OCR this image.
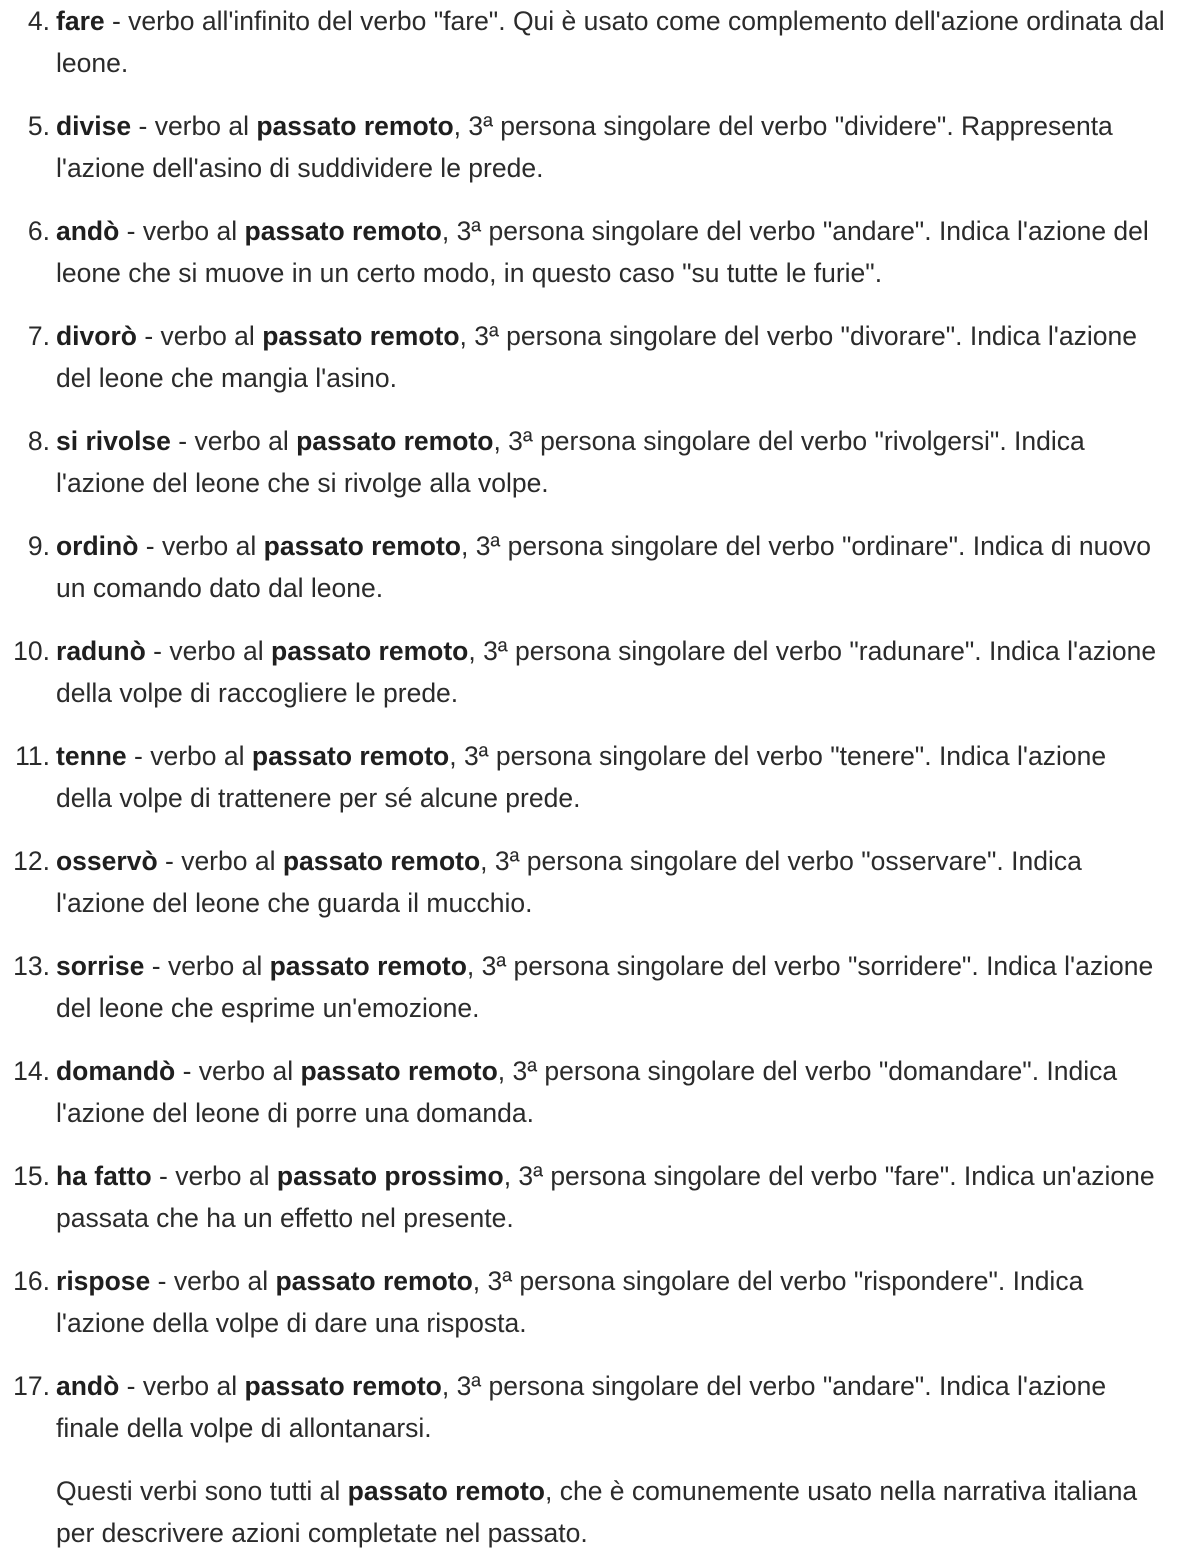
4. fare - verbo all'infinito del verbo "fare". Qui è usato come complemento dell'azione ordinata dal leone.
5. divise - verbo al passato remoto, 3ª persona singolare del verbo "dividere". Rappresenta l'azione dell'asino di suddividere le prede.
6. andò - verbo al passato remoto, 3ª persona singolare del verbo "andare". Indica l'azione del leone che si muove in un certo modo, in questo caso "su tutte le furie".
7. divorò - verbo al passato remoto, 3ª persona singolare del verbo "divorare". Indica l'azione del leone che mangia l'asino.
8. si rivolse - verbo al passato remoto, 3ª persona singolare del verbo "rivolgersi". Indica l'azione del leone che si rivolge alla volpe.
9. ordinò - verbo al passato remoto, 3ª persona singolare del verbo "ordinare". Indica di nuovo un comando dato dal leone.
10. radunò - verbo al passato remoto, 3ª persona singolare del verbo "radunare". Indica l'azione della volpe di raccogliere le prede.
11. tenne - verbo al passato remoto, 3ª persona singolare del verbo "tenere". Indica l'azione della volpe di trattenere per sé alcune prede.
12. osservò - verbo al passato remoto, 3ª persona singolare del verbo "osservare". Indica l'azione del leone che guarda il mucchio.
13. sorrise - verbo al passato remoto, 3ª persona singolare del verbo "sorridere". Indica l'azione del leone che esprime un'emozione.
14. domandò - verbo al passato remoto, 3ª persona singolare del verbo "domandare". Indica l'azione del leone di porre una domanda.
15. ha fatto - verbo al passato prossimo, 3ª persona singolare del verbo "fare". Indica un'azione passata che ha un effetto nel presente.
16. rispose - verbo al passato remoto, 3ª persona singolare del verbo "rispondere". Indica l'azione della volpe di dare una risposta.
17. andò - verbo al passato remoto, 3ª persona singolare del verbo "andare". Indica l'azione finale della volpe di allontanarsi.

Questi verbi sono tutti al passato remoto, che è comunemente usato nella narrativa italiana per descrivere azioni completate nel passato.
